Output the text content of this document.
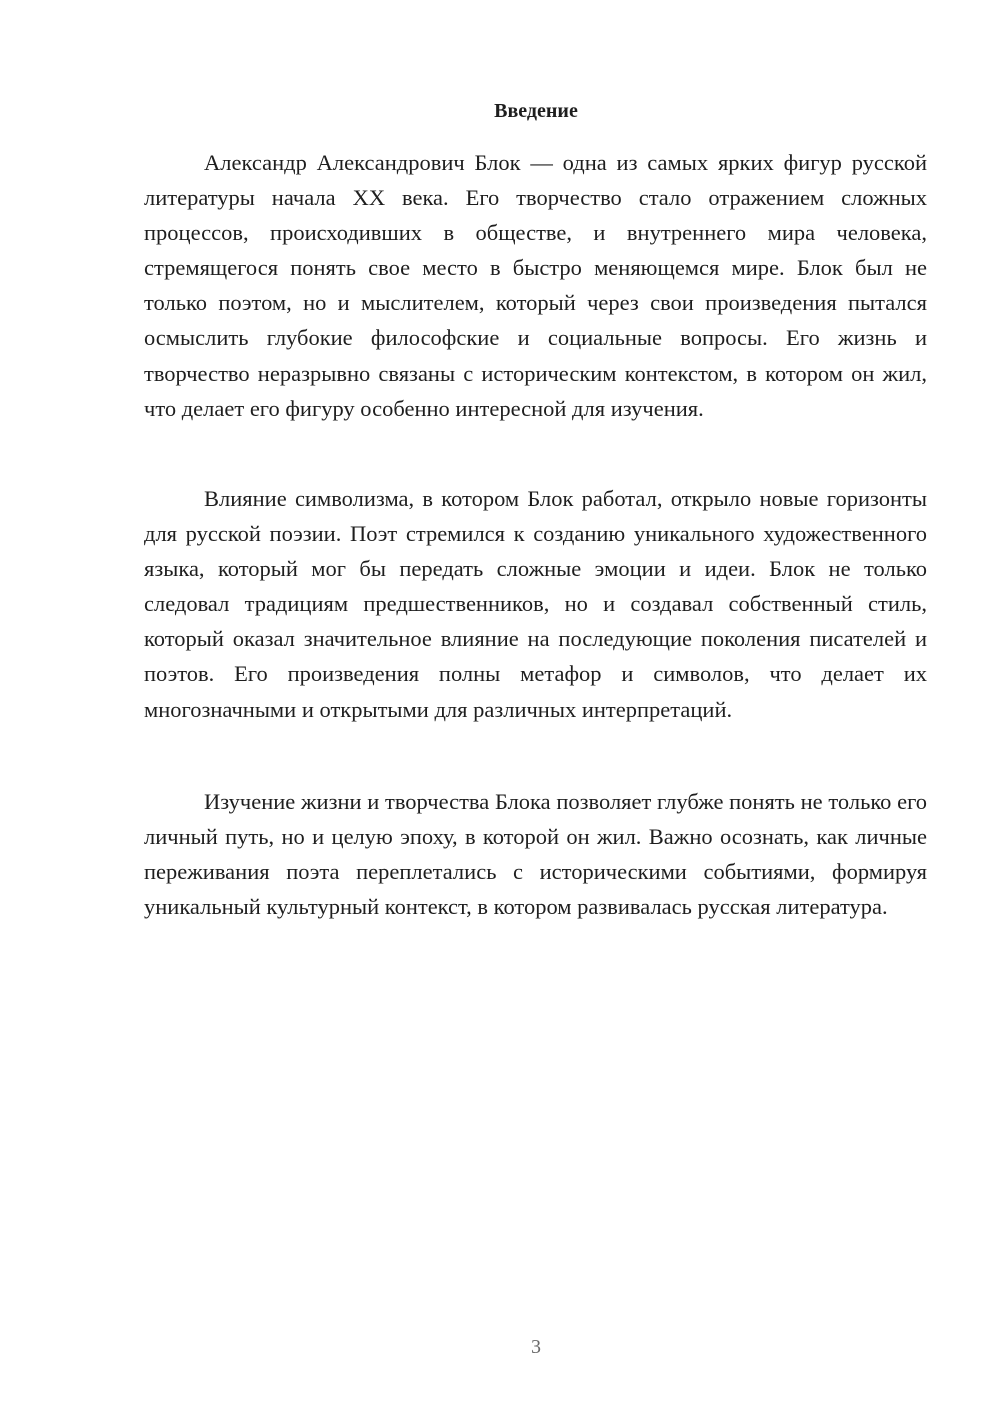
Введение

Александр Александрович Блок — одна из самых ярких фигур русской литературы начала XX века. Его творчество стало отражением сложных процессов, происходивших в обществе, и внутреннего мира человека, стремящегося понять свое место в быстро меняющемся мире. Блок был не только поэтом, но и мыслителем, который через свои произведения пытался осмыслить глубокие философские и социальные вопросы. Его жизнь и творчество неразрывно связаны с историческим контекстом, в котором он жил, что делает его фигуру особенно интересной для изучения.

Влияние символизма, в котором Блок работал, открыло новые горизонты для русской поэзии. Поэт стремился к созданию уникального художественного языка, который мог бы передать сложные эмоции и идеи. Блок не только следовал традициям предшественников, но и создавал собственный стиль, который оказал значительное влияние на последующие поколения писателей и поэтов. Его произведения полны метафор и символов, что делает их многозначными и открытыми для различных интерпретаций.

Изучение жизни и творчества Блока позволяет глубже понять не только его личный путь, но и целую эпоху, в которой он жил. Важно осознать, как личные переживания поэта переплетались с историческими событиями, формируя уникальный культурный контекст, в котором развивалась русская литература.

3
